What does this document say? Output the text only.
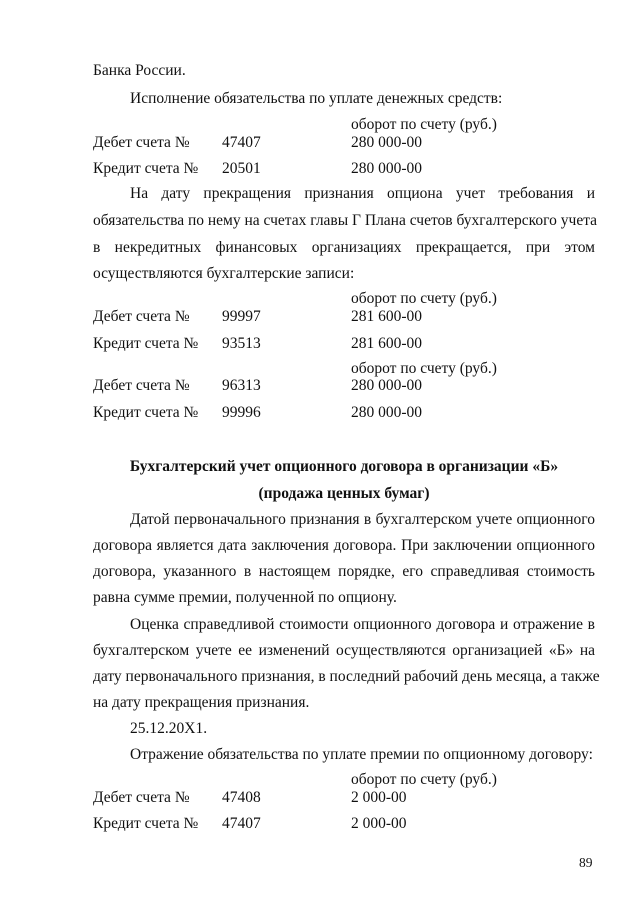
Банка России.
Исполнение обязательства по уплате денежных средств:
оборот по счету (руб.)
Дебет счета № 47407	280 000-00
Кредит счета № 20501	280 000-00
На дату прекращения признания опциона учет требования и
обязательства по нему на счетах главы Г Плана счетов бухгалтерского учета
в некредитных финансовых организациях прекращается, при этом
осуществляются бухгалтерские записи:
оборот по счету (руб.)
Дебет счета № 99997	281 600-00
Кредит счета № 93513	281 600-00
оборот по счету (руб.)
Дебет счета № 96313	280 000-00
Кредит счета № 99996	280 000-00
Бухгалтерский учет опционного договора в организации «Б»
(продажа ценных бумаг)
Датой первоначального признания в бухгалтерском учете опционного
договора является дата заключения договора. При заключении опционного
договора, указанного в настоящем порядке, его справедливая стоимость
равна сумме премии, полученной по опциону.
Оценка справедливой стоимости опционного договора и отражение в
бухгалтерском учете ее изменений осуществляются организацией «Б» на
дату первоначального признания, в последний рабочий день месяца, а также
на дату прекращения признания.
25.12.20Х1.
Отражение обязательства по уплате премии по опционному договору:
оборот по счету (руб.)
Дебет счета № 47408	2 000-00
Кредит счета № 47407	2 000-00
89
